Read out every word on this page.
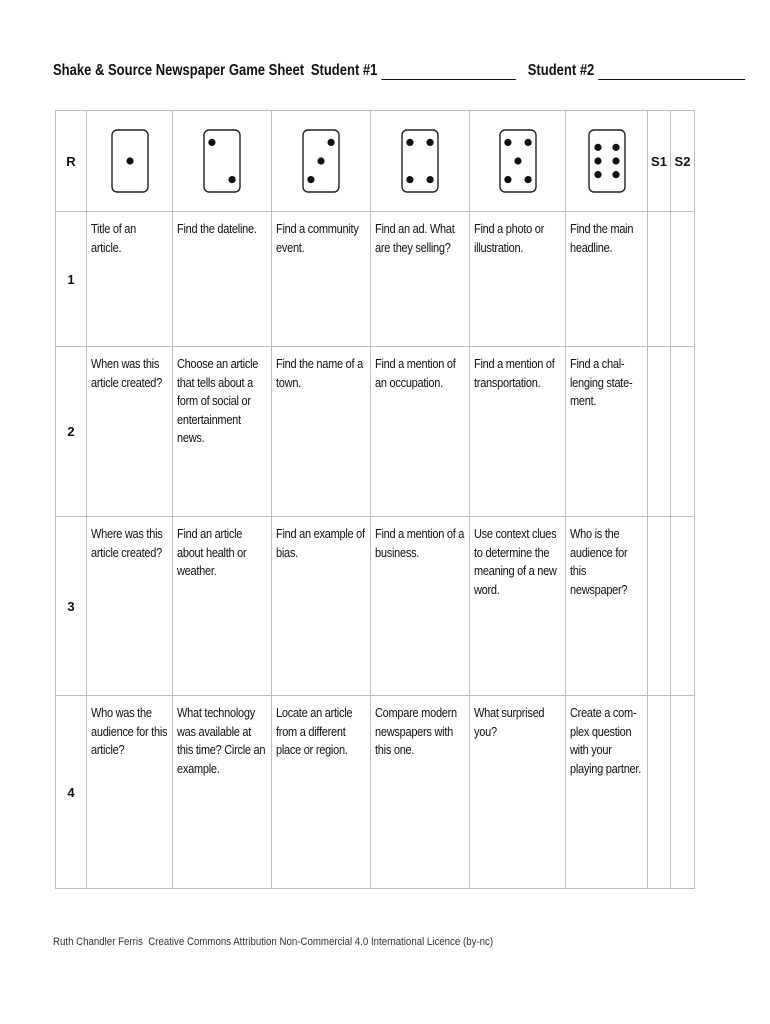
Shake & Source Newspaper Game Sheet Student #1	Student #2
R							S1	S2
1	Title of an article.	Find the dateline.	Find a community event.	Find an ad. What are they selling?	Find a photo or illustration.	Find the main headline.		

2	When was this article created?	Choose an article that tells about a form of social or entertainment news.	Find the name of a town.	Find a mention of an occupation.	Find a mention of transportation.	Find a chal-lenging state-ment.		

3	Where was this article created?	Find an article about health or weather.	Find an example of bias.	Find a mention of a business.	Use context clues to determine the meaning of a new word.	Who is the audience for this newspaper?		

4	Who was the audience for this article?	What technology was available at this time? Circle an example.	Locate an article from a different place or region.	Compare modern newspapers with this one.	What surprised you?	Create a com-plex question with your playing partner.		

Ruth Chandler Ferris Creative Commons Attribution Non-Commercial 4.0 International Licence (by-nc)
